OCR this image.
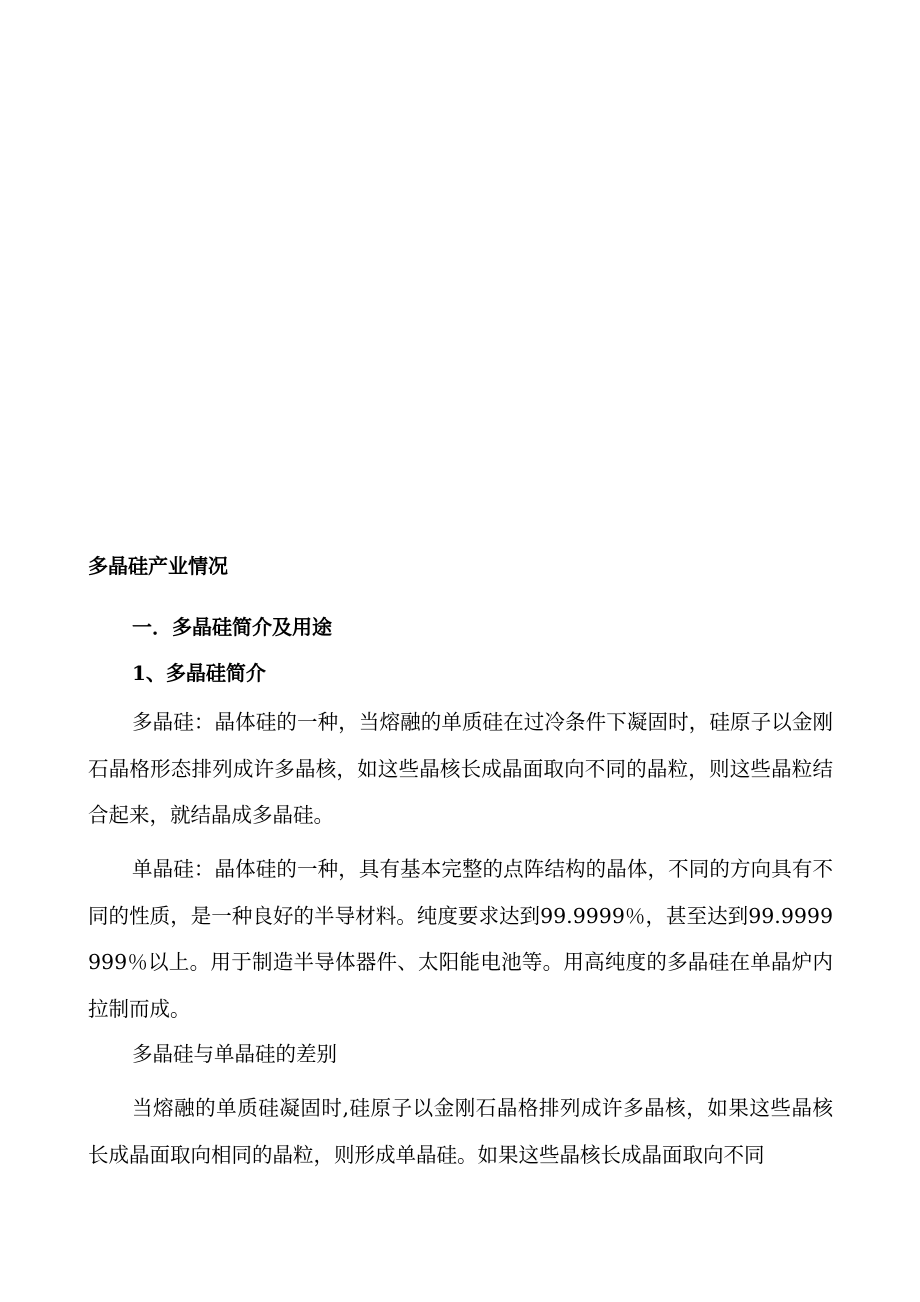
多晶硅产业情况
一．多晶硅简介及用途
1、多晶硅简介

多晶硅：晶体硅的一种，当熔融的单质硅在过冷条件下凝固时，硅原子以金刚石晶格形态排列成许多晶核，如这些晶核长成晶面取向不同的晶粒，则这些晶粒结合起来，就结晶成多晶硅。

单晶硅：晶体硅的一种，具有基本完整的点阵结构的晶体，不同的方向具有不同的性质，是一种良好的半导材料。纯度要求达到99.9999％，甚至达到99.9999999％以上。用于制造半导体器件、太阳能电池等。用高纯度的多晶硅在单晶炉内拉制而成。

多晶硅与单晶硅的差别

当熔融的单质硅凝固时,硅原子以金刚石晶格排列成许多晶核，如果这些晶核长成晶面取向相同的晶粒，则形成单晶硅。如果这些晶核长成晶面取向不同
